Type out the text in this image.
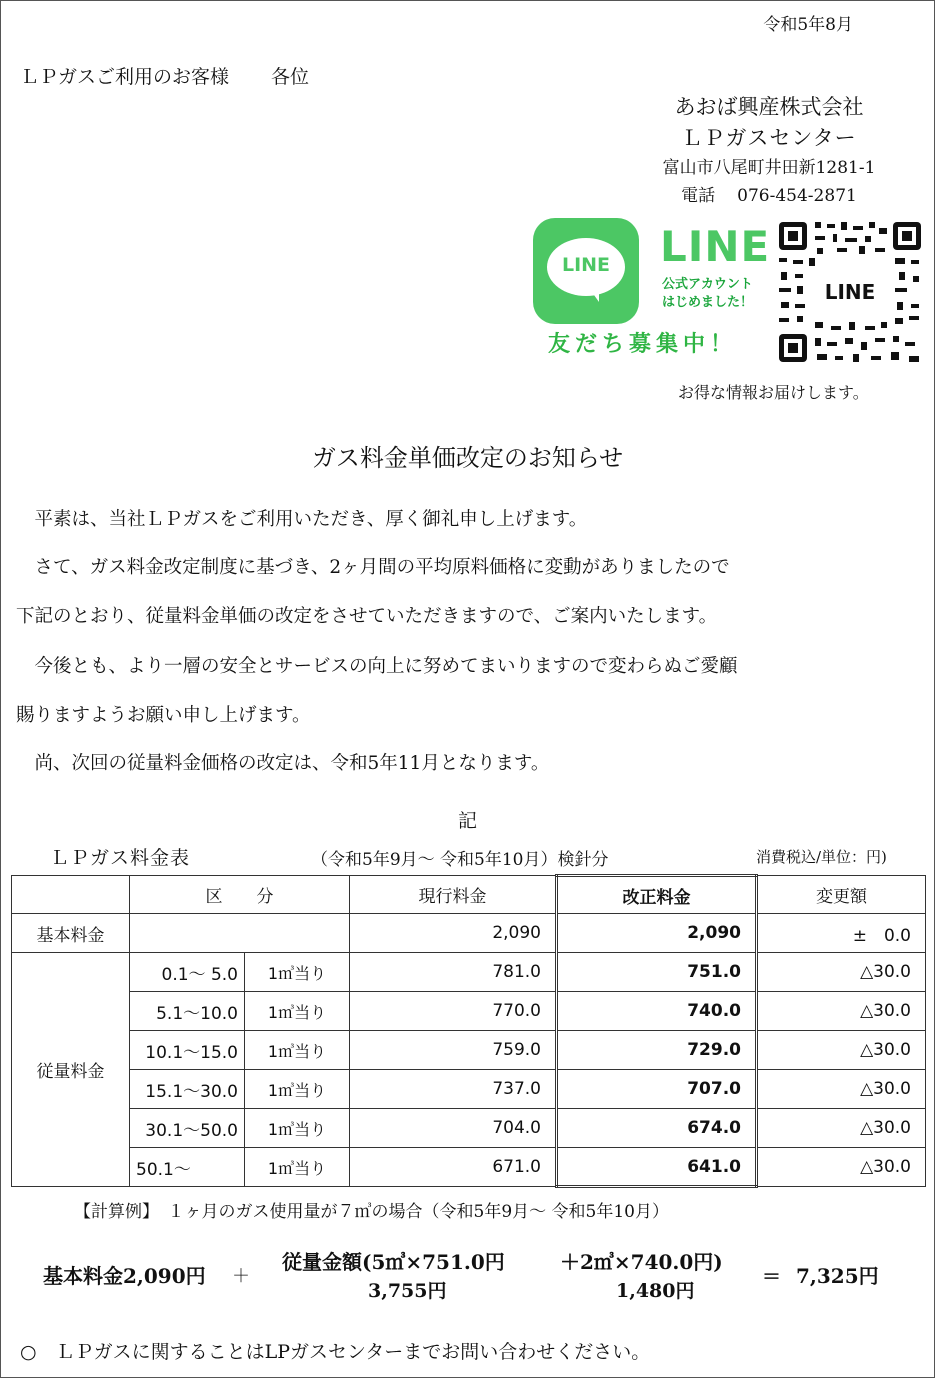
令和5年8月
ＬＰガスご利用のお客様 各位
あおば興産株式会社
ＬＰガスセンター
富山市八尾町井田新1281-1
電話 076-454-2871
LINE	LINE
公式アカウント
はじめました！
友だち募集中！
LINE
お得な情報お届けします。
ガス料金単価改定のお知らせ
　平素は、当社ＬＰガスをご利用いただき、厚く御礼申し上げます。
　さて、ガス料金改定制度に基づき、2ヶ月間の平均原料価格に変動がありましたので
下記のとおり、従量料金単価の改定をさせていただきますので、ご案内いたします。
　今後とも、より一層の安全とサービスの向上に努めてまいりますので変わらぬご愛顧
賜りますようお願い申し上げます。
　尚、次回の従量料金価格の改定は、令和5年11月となります。
記
ＬＰガス料金表	（令和5年9月～ 令和5年10月）検針分	消費税込/単位：円)
	区　　分		現行料金	改正料金	変更額
基本料金			2,090	2,090	±　0.0
従量料金	0.1～ 5.0	1㎥当り	781.0	751.0	△30.0
	5.1～10.0	1㎥当り	770.0	740.0	△30.0
	10.1～15.0	1㎥当り	759.0	729.0	△30.0
	15.1～30.0	1㎥当り	737.0	707.0	△30.0
	30.1～50.0	1㎥当り	704.0	674.0	△30.0
	50.1～	1㎥当り	671.0	641.0	△30.0
【計算例】　１ヶ月のガス使用量が７㎥の場合（令和5年9月～ 令和5年10月）
基本料金2,090円 ＋
従量金額(5㎥×751.0円	＋2㎥×740.0円)
3,755円	1,480円
＝ 7,325円
○　ＬＰガスに関することはLPガスセンターまでお問い合わせください。
